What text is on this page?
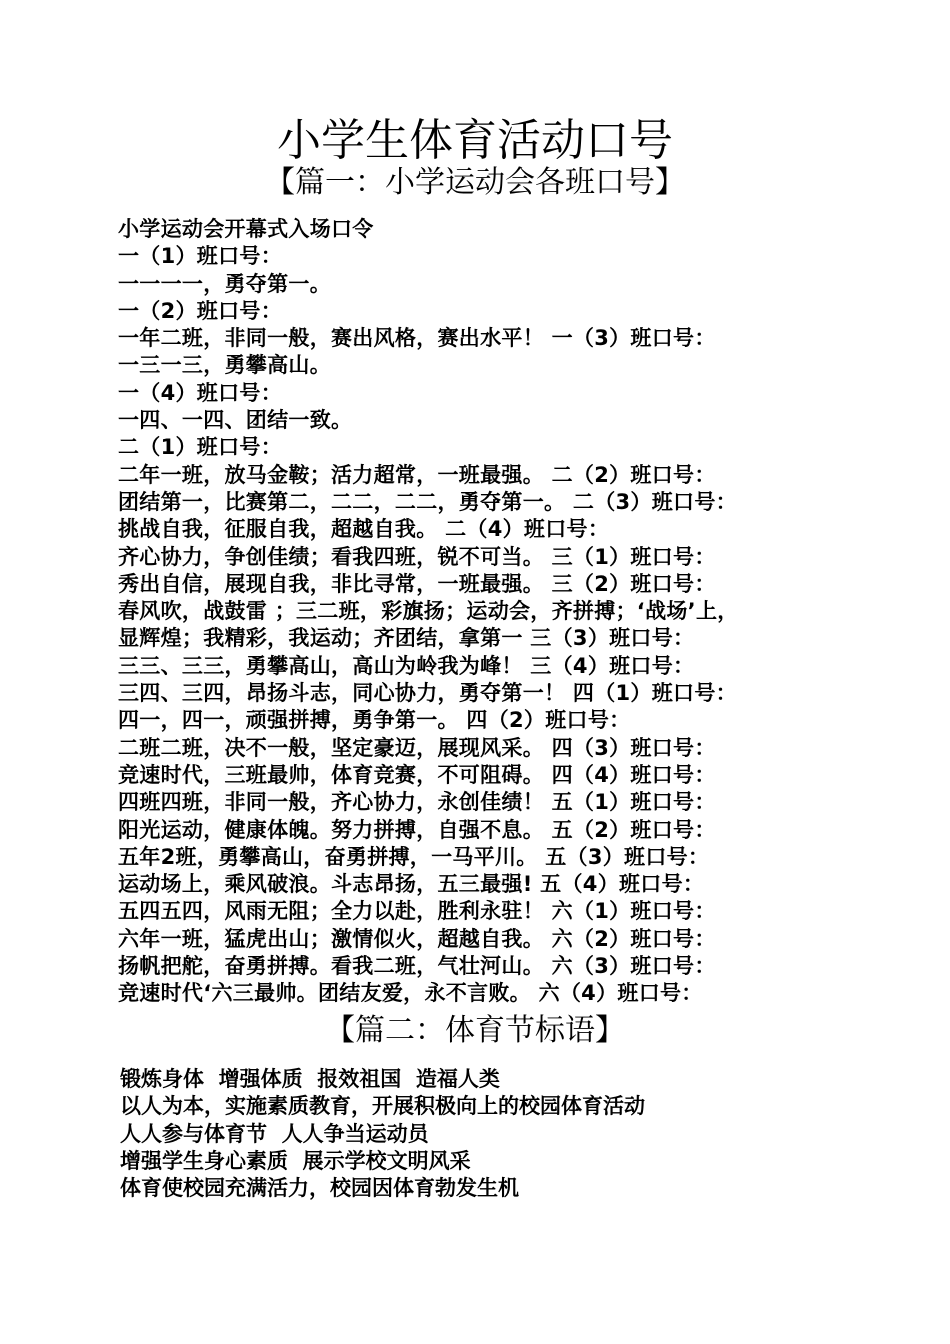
小学生体育活动口号
【篇一：小学运动会各班口号】
小学运动会开幕式入场口令
一（1）班口号：
一一一一，勇夺第一。
一（2）班口号：
一年二班，非同一般，赛出风格，赛出水平！ 一（3）班口号：
一三一三，勇攀高山。
一（4）班口号：
一四、一四、团结一致。
二（1）班口号：
二年一班，放马金鞍；活力超常，一班最强。 二（2）班口号：
团结第一，比赛第二，二二，二二，勇夺第一。 二（3）班口号：
挑战自我，征服自我，超越自我。 二（4）班口号：
齐心协力，争创佳绩；看我四班，锐不可当。 三（1）班口号：
秀出自信，展现自我，非比寻常，一班最强。 三（2）班口号：
春风吹，战鼓雷 ；三二班，彩旗扬；运动会，齐拼搏；‘战场’上，
显辉煌；我精彩，我运动；齐团结，拿第一 三（3）班口号：
三三、三三，勇攀高山，高山为岭我为峰！ 三（4）班口号：
三四、三四，昂扬斗志，同心协力，勇夺第一！ 四（1）班口号：
四一，四一，顽强拼搏，勇争第一。 四（2）班口号：
二班二班，决不一般，坚定豪迈，展现风采。 四（3）班口号：
竞速时代，三班最帅，体育竞赛，不可阻碍。 四（4）班口号：
四班四班，非同一般，齐心协力，永创佳绩！ 五（1）班口号：
阳光运动，健康体魄。努力拼搏，自强不息。 五（2）班口号：
五年2班，勇攀高山，奋勇拼搏，一马平川。 五（3）班口号：
运动场上，乘风破浪。斗志昂扬，五三最强! 五（4）班口号：
五四五四，风雨无阻；全力以赴，胜利永驻！ 六（1）班口号：
六年一班，猛虎出山；激情似火，超越自我。 六（2）班口号：
扬帆把舵，奋勇拼搏。看我二班，气壮河山。 六（3）班口号：
竞速时代‘六三最帅。团结友爱，永不言败。 六（4）班口号：
【篇二：体育节标语】
锻炼身体  增强体质  报效祖国  造福人类
以人为本，实施素质教育，开展积极向上的校园体育活动
人人参与体育节  人人争当运动员
增强学生身心素质  展示学校文明风采
体育使校园充满活力，校园因体育勃发生机
